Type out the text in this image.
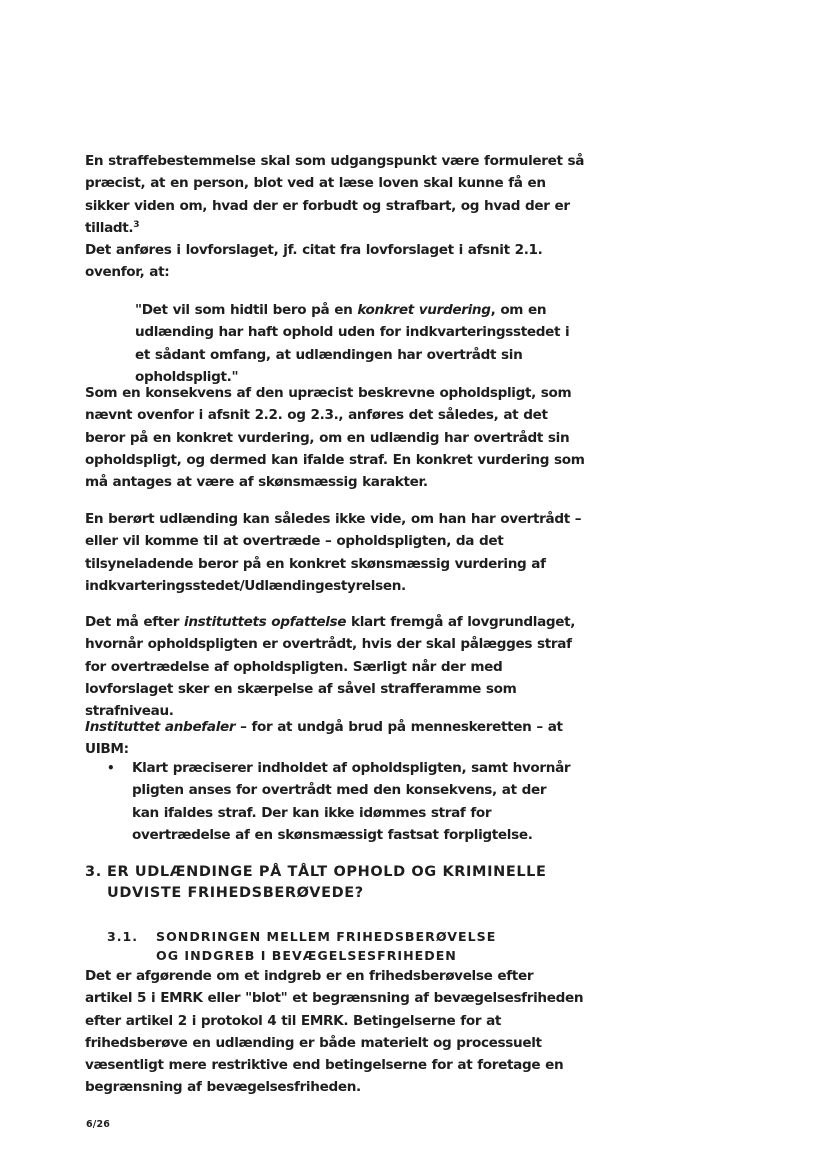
En straffebestemmelse skal som udgangspunkt være formuleret så præcist, at en person, blot ved at læse loven skal kunne få en sikker viden om, hvad der er forbudt og strafbart, og hvad der er tilladt.$^3$
Det anføres i lovforslaget, jf. citat fra lovforslaget i afsnit 2.1. ovenfor, at:
"Det vil som hidtil bero på en konkret vurdering, om en udlænding har haft ophold uden for indkvarteringsstedet i et sådant omfang, at udlændingen har overtrådt sin opholdspligt."
Som en konsekvens af den upræcist beskrevne opholdspligt, som nævnt ovenfor i afsnit 2.2. og 2.3., anføres det således, at det beror på en konkret vurdering, om en udlændig har overtrådt sin opholdspligt, og dermed kan ifalde straf. En konkret vurdering som må antages at være af skønsmæssig karakter.
En berørt udlænding kan således ikke vide, om han har overtrådt –eller vil komme til at overtræde – opholdspligten, da det tilsyneladende beror på en konkret skønsmæssig vurdering af indkvarteringsstedet/Udlændingestyrelsen.
Det må efter instituttets opfattelse klart fremgå af lovgrundlaget, hvornår opholdspligten er overtrådt, hvis der skal pålægges straf for overtrædelse af opholdspligten. Særligt når der med lovforslaget sker en skærpelse af såvel strafferamme som strafniveau.
Instituttet anbefaler – for at undgå brud på menneskeretten – at UIBM:
• Klart præciserer indholdet af opholdspligten, samt hvornår pligten anses for overtrådt med den konsekvens, at der kan ifaldes straf. Der kan ikke idømmes straf for overtrædelse af en skønsmæssigt fastsat forpligtelse.
3. ER UDLÆNDINGE PÅ TÅLT OPHOLD OG KRIMINELLE UDVISTE FRIHEDSBERØVEDE?
3.1. SONDRINGEN MELLEM FRIHEDSBERØVELSE OG INDGREB I BEVÆGELSESFRIHEDEN
Det er afgørende om et indgreb er en frihedsberøvelse efter artikel 5 i EMRK eller "blot" et begrænsning af bevægelsesfriheden efter artikel 2 i protokol 4 til EMRK. Betingelserne for at frihedsberøve en udlænding er både materielt og processuelt væsentligt mere restriktive end betingelserne for at foretage en begrænsning af bevægelsesfriheden.
6/26
